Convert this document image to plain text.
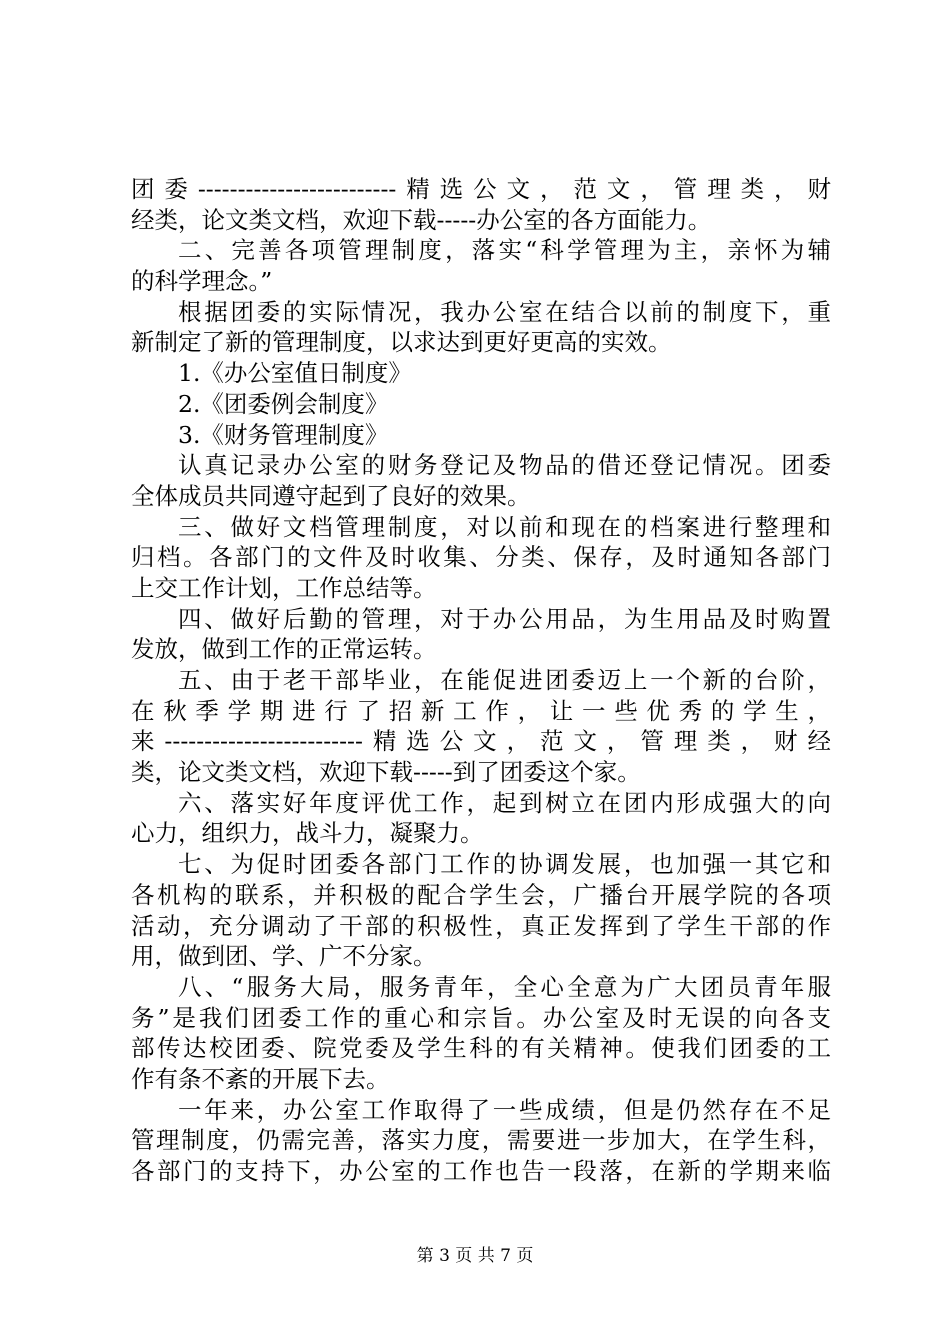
团委-------------------------精选公文，范文，管理类，财
经类，论文类文档，欢迎下载-----办公室的各方面能力。
二、完善各项管理制度，落实“科学管理为主，亲怀为辅
的科学理念。”
根据团委的实际情况，我办公室在结合以前的制度下，重
新制定了新的管理制度，以求达到更好更高的实效。
1.《办公室值日制度》
2.《团委例会制度》
3.《财务管理制度》
认真记录办公室的财务登记及物品的借还登记情况。团委
全体成员共同遵守起到了良好的效果。
三、做好文档管理制度，对以前和现在的档案进行整理和
归档。各部门的文件及时收集、分类、保存，及时通知各部门
上交工作计划，工作总结等。
四、做好后勤的管理，对于办公用品，为生用品及时购置
发放，做到工作的正常运转。
五、由于老干部毕业，在能促进团委迈上一个新的台阶，
在秋季学期进行了招新工作，让一些优秀的学生，
来-------------------------精选公文，范文，管理类，财经
类，论文类文档，欢迎下载-----到了团委这个家。
六、落实好年度评优工作，起到树立在团内形成强大的向
心力，组织力，战斗力，凝聚力。
七、为促时团委各部门工作的协调发展，也加强一其它和
各机构的联系，并积极的配合学生会，广播台开展学院的各项
活动，充分调动了干部的积极性，真正发挥到了学生干部的作
用，做到团、学、广不分家。
八、“服务大局，服务青年，全心全意为广大团员青年服
务”是我们团委工作的重心和宗旨。办公室及时无误的向各支
部传达校团委、院党委及学生科的有关精神。使我们团委的工
作有条不紊的开展下去。
一年来，办公室工作取得了一些成绩，但是仍然存在不足
管理制度，仍需完善，落实力度，需要进一步加大，在学生科，
各部门的支持下，办公室的工作也告一段落，在新的学期来临
第 3 页 共 7 页
